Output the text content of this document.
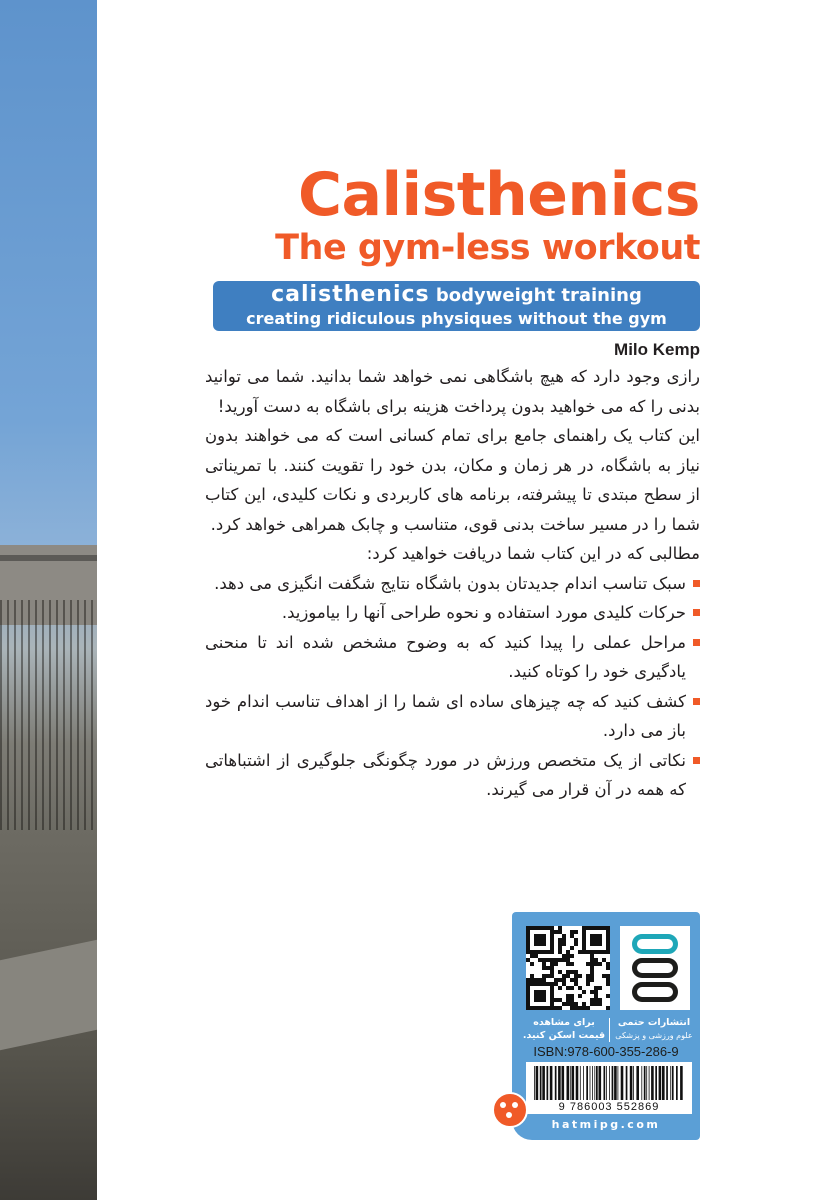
Calisthenics
The gym-less workout
calisthenics bodyweight training
creating ridiculous physiques without the gym
Milo Kemp

رازی وجود دارد که هیچ باشگاهی نمی خواهد شما بدانید. شما می توانید بدنی را که می خواهید بدون پرداخت هزینه برای باشگاه به دست آورید!

این کتاب یک راهنمای جامع برای تمام کسانی است که می خواهند بدون نیاز به باشگاه، در هر زمان و مکان، بدن خود را تقویت کنند. با تمریناتی از سطح مبتدی تا پیشرفته، برنامه های کاربردی و نکات کلیدی، این کتاب شما را در مسیر ساخت بدنی قوی، متناسب و چابک همراهی خواهد کرد.

مطالبی که در این کتاب شما دریافت خواهید کرد:

سبک تناسب اندام جدیدتان بدون باشگاه نتایج شگفت انگیزی می دهد.
حرکات کلیدی مورد استفاده و نحوه طراحی آنها را بیاموزید.
مراحل عملی را پیدا کنید که به وضوح مشخص شده اند تا منحنی یادگیری خود را کوتاه کنید.
کشف کنید که چه چیزهای ساده ای شما را از اهداف تناسب اندام خود باز می دارد.
نکاتی از یک متخصص ورزش در مورد چگونگی جلوگیری از اشتباهاتی که همه در آن قرار می گیرند.
برای مشاهده قیمت اسکن کنید.
انتشارات حتمی
علوم ورزشی و پزشکی
ISBN:978-600-355-286-9
9 786003 552869
hatmipg.com
